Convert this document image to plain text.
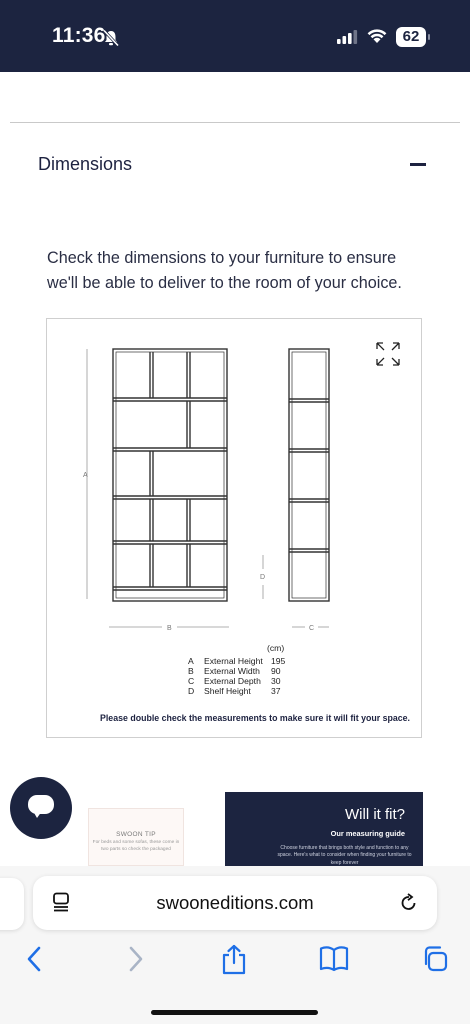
11:36	62
Dimensions
Check the dimensions to your furniture to ensure we'll be able to deliver to the room of your choice.
A
D
B	C
(cm)
A	External Height 195
B	External Width	90
C	External Depth	30
D	Shelf Height	37
Please double check the measurements to make sure it will fit your space.
SWOON TIP
For beds and some sofas, these come in two parts so check the packaged
Will it fit?
Our measuring guide
Choose furniture that brings both style and function to any space. Here's what to consider when finding your furniture to keep forever
swooneditions.com
